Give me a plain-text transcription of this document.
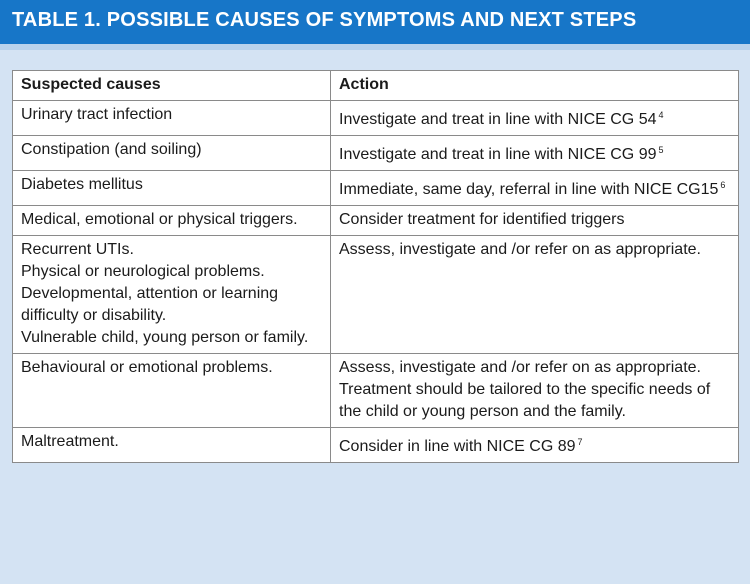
TABLE 1. POSSIBLE CAUSES OF SYMPTOMS AND NEXT STEPS
Suspected causes	Action

Urinary tract infection	Investigate and treat in line with NICE CG 54 $^4$

Constipation (and soiling)	Investigate and treat in line with NICE CG 99 $^5$

Diabetes mellitus	Immediate, same day, referral in line with NICE CG15 $^6$

Medical, emotional or physical triggers.	Consider treatment for identified triggers

Recurrent UTIs.
Physical or neurological problems.
Developmental, attention or learning difficulty or disability.
Vulnerable child, young person or family.	Assess, investigate and /or refer on as appropriate.

Behavioural or emotional problems.	Assess, investigate and /or refer on as appropriate.
Treatment should be tailored to the specific needs of the child or young person and the family.

Maltreatment.	Consider in line with NICE CG 89 $^7$
